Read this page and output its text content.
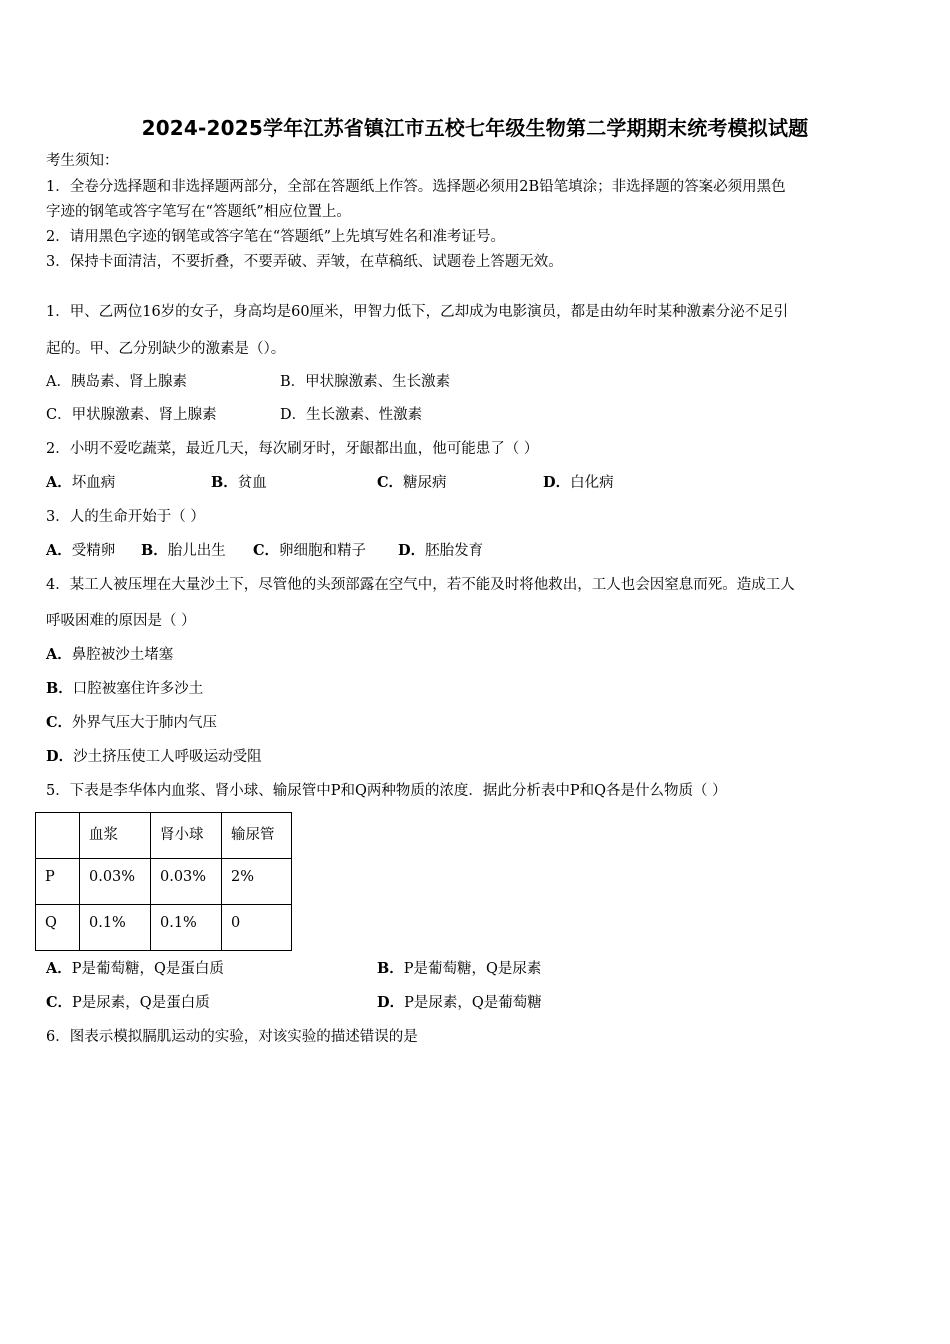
2024-2025学年江苏省镇江市五校七年级生物第二学期期末统考模拟试题
考生须知：
1．全卷分选择题和非选择题两部分，全部在答题纸上作答。选择题必须用2B铅笔填涂；非选择题的答案必须用黑色
字迹的钢笔或答字笔写在“答题纸”相应位置上。
2．请用黑色字迹的钢笔或答字笔在“答题纸”上先填写姓名和准考证号。
3．保持卡面清洁，不要折叠，不要弄破、弄皱，在草稿纸、试题卷上答题无效。
1．甲、乙两位16岁的女子，身高均是60厘米，甲智力低下，乙却成为电影演员，都是由幼年时某种激素分泌不足引
起的。甲、乙分别缺少的激素是（）。
A．胰岛素、肾上腺素	B．甲状腺激素、生长激素
C．甲状腺激素、肾上腺素	D．生长激素、性激素
2．小明不爱吃蔬菜，最近几天，每次刷牙时，牙龈都出血，他可能患了（ ）
A．坏血病	B．贫血	C．糖尿病	D．白化病
3．人的生命开始于（ ）
A．受精卵 B．胎儿出生 C．卵细胞和精子 D．胚胎发育
4．某工人被压埋在大量沙土下，尽管他的头颈部露在空气中，若不能及时将他救出，工人也会因窒息而死。造成工人
呼吸困难的原因是（ ）
A．鼻腔被沙土堵塞
B．口腔被塞住许多沙土
C．外界气压大于肺内气压
D．沙土挤压使工人呼吸运动受阻
5．下表是李华体内血浆、肾小球、输尿管中P和Q两种物质的浓度．据此分析表中P和Q各是什么物质（ ）
	血浆	肾小球	输尿管
P	0.03%	0.03%	2%
Q	0.1%	0.1%	0
A．P是葡萄糖，Q是蛋白质	B．P是葡萄糖，Q是尿素
C．P是尿素，Q是蛋白质	D．P是尿素，Q是葡萄糖
6．图表示模拟膈肌运动的实验，对该实验的描述错误的是
